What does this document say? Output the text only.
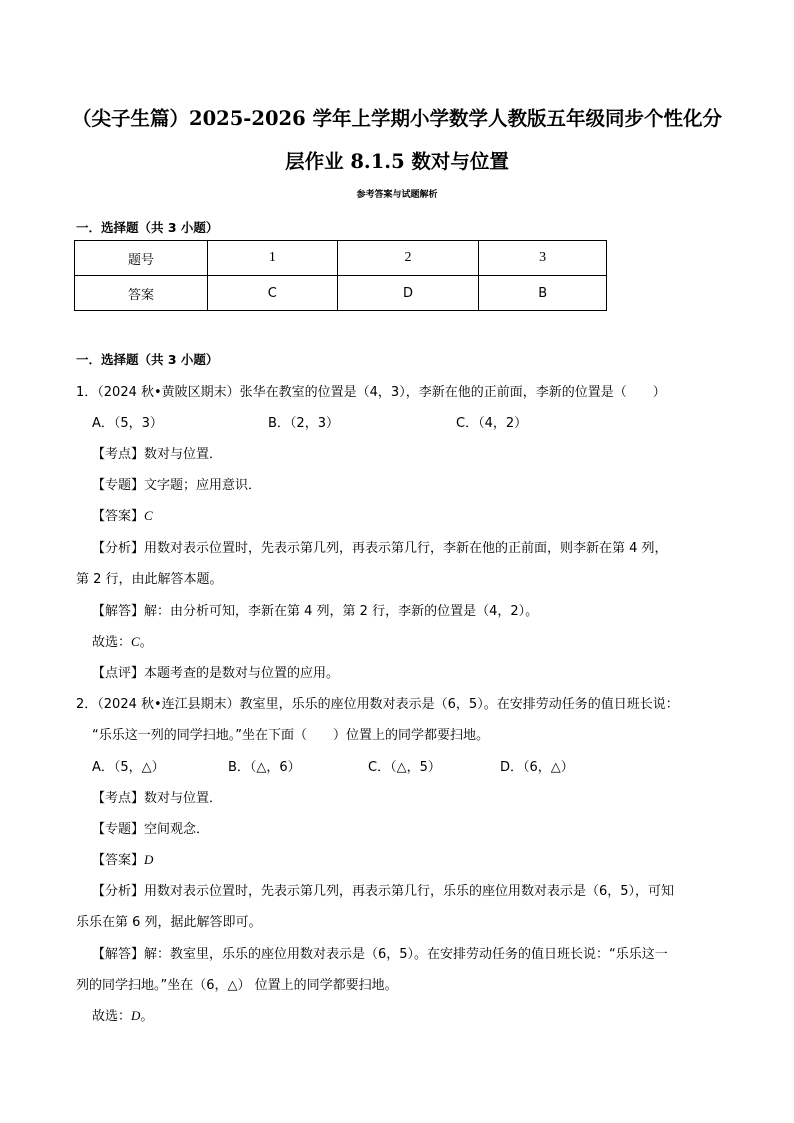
（尖子生篇）2025-2026 学年上学期小学数学人教版五年级同步个性化分
层作业 8.1.5 数对与位置
参考答案与试题解析
一．选择题（共 3 小题）
题号	1	2	3
答案	C	D	B
一．选择题（共 3 小题）
1．（2024 秋•黄陂区期末）张华在教室的位置是（4，3），李新在他的正前面，李新的位置是（　　）
A．（5，3）	B．（2，3）	C．（4，2）
【考点】数对与位置．
【专题】文字题；应用意识．
【答案】C
【分析】用数对表示位置时，先表示第几列，再表示第几行，李新在他的正前面，则李新在第 4 列，
第 2 行，由此解答本题。
【解答】解：由分析可知，李新在第 4 列，第 2 行，李新的位置是（4，2）。
故选：C。
【点评】本题考查的是数对与位置的应用。
2．（2024 秋•连江县期末）教室里，乐乐的座位用数对表示是（6，5）。在安排劳动任务的值日班长说：
“乐乐这一列的同学扫地。”坐在下面（　　）位置上的同学都要扫地。
A．（5，△）	B．（△，6）	C．（△，5）	D．（6，△）
【考点】数对与位置．
【专题】空间观念．
【答案】D
【分析】用数对表示位置时，先表示第几列，再表示第几行，乐乐的座位用数对表示是（6，5），可知
乐乐在第 6 列，据此解答即可。
【解答】解：教室里，乐乐的座位用数对表示是（6，5）。在安排劳动任务的值日班长说：“乐乐这一
列的同学扫地。”坐在（6，△） 位置上的同学都要扫地。
故选：D。
